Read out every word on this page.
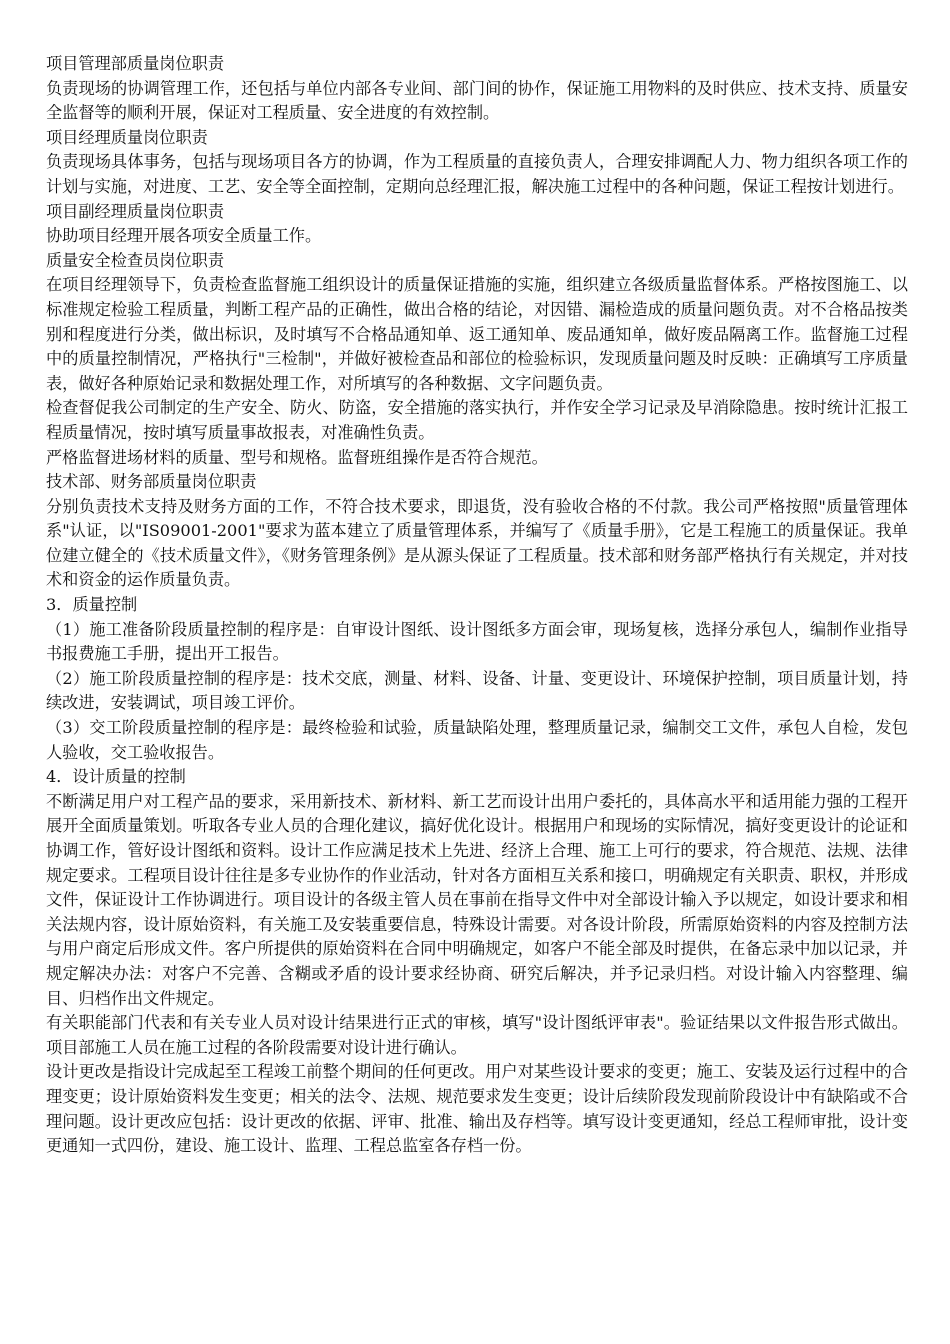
项目管理部质量岗位职责

负责现场的协调管理工作，还包括与单位内部各专业间、部门间的协作，保证施工用物料的及时供应、技术支持、质量安全监督等的顺利开展，保证对工程质量、安全进度的有效控制。

项目经理质量岗位职责

负责现场具体事务，包括与现场项目各方的协调，作为工程质量的直接负责人，合理安排调配人力、物力组织各项工作的计划与实施，对进度、工艺、安全等全面控制，定期向总经理汇报，解决施工过程中的各种问题，保证工程按计划进行。

项目副经理质量岗位职责

协助项目经理开展各项安全质量工作。

质量安全检查员岗位职责

在项目经理领导下，负责检查监督施工组织设计的质量保证措施的实施，组织建立各级质量监督体系。严格按图施工、以标准规定检验工程质量，判断工程产品的正确性，做出合格的结论，对因错、漏检造成的质量问题负责。对不合格品按类别和程度进行分类，做出标识，及时填写不合格品通知单、返工通知单、废品通知单，做好废品隔离工作。监督施工过程中的质量控制情况，严格执行"三检制"，并做好被检查品和部位的检验标识，发现质量问题及时反映：正确填写工序质量表，做好各种原始记录和数据处理工作，对所填写的各种数据、文字问题负责。

检查督促我公司制定的生产安全、防火、防盗，安全措施的落实执行，并作安全学习记录及早消除隐患。按时统计汇报工程质量情况，按时填写质量事故报表，对准确性负责。

严格监督进场材料的质量、型号和规格。监督班组操作是否符合规范。

技术部、财务部质量岗位职责

分别负责技术支持及财务方面的工作，不符合技术要求，即退货，没有验收合格的不付款。我公司严格按照"质量管理体系"认证，以"IS09001-2001"要求为蓝本建立了质量管理体系，并编写了《质量手册》，它是工程施工的质量保证。我单位建立健全的《技术质量文件》，《财务管理条例》是从源头保证了工程质量。技术部和财务部严格执行有关规定，并对技术和资金的运作质量负责。

3．质量控制

（1）施工准备阶段质量控制的程序是：自审设计图纸、设计图纸多方面会审，现场复核，选择分承包人，编制作业指导书报费施工手册，提出开工报告。

（2）施工阶段质量控制的程序是：技术交底，测量、材料、设备、计量、变更设计、环境保护控制，项目质量计划，持续改进，安装调试，项目竣工评价。

（3）交工阶段质量控制的程序是：最终检验和试验，质量缺陷处理，整理质量记录，编制交工文件，承包人自检，发包人验收，交工验收报告。

4．设计质量的控制

不断满足用户对工程产品的要求，采用新技术、新材料、新工艺而设计出用户委托的，具体高水平和适用能力强的工程开展开全面质量策划。听取各专业人员的合理化建议，搞好优化设计。根据用户和现场的实际情况，搞好变更设计的论证和协调工作，管好设计图纸和资料。设计工作应满足技术上先进、经济上合理、施工上可行的要求，符合规范、法规、法律规定要求。工程项目设计往往是多专业协作的作业活动，针对各方面相互关系和接口，明确规定有关职责、职权，并形成文件，保证设计工作协调进行。项目设计的各级主管人员在事前在指导文件中对全部设计输入予以规定，如设计要求和相关法规内容，设计原始资料，有关施工及安装重要信息，特殊设计需要。对各设计阶段，所需原始资料的内容及控制方法与用户商定后形成文件。客户所提供的原始资料在合同中明确规定，如客户不能全部及时提供，在备忘录中加以记录，并规定解决办法：对客户不完善、含糊或矛盾的设计要求经协商、研究后解决，并予记录归档。对设计输入内容整理、编目、归档作出文件规定。

有关职能部门代表和有关专业人员对设计结果进行正式的审核，填写"设计图纸评审表"。验证结果以文件报告形式做出。项目部施工人员在施工过程的各阶段需要对设计进行确认。

设计更改是指设计完成起至工程竣工前整个期间的任何更改。用户对某些设计要求的变更；施工、安装及运行过程中的合理变更；设计原始资料发生变更；相关的法令、法规、规范要求发生变更；设计后续阶段发现前阶段设计中有缺陷或不合理问题。设计更改应包括：设计更改的依据、评审、批准、输出及存档等。填写设计变更通知，经总工程师审批，设计变更通知一式四份，建设、施工设计、监理、工程总监室各存档一份。
